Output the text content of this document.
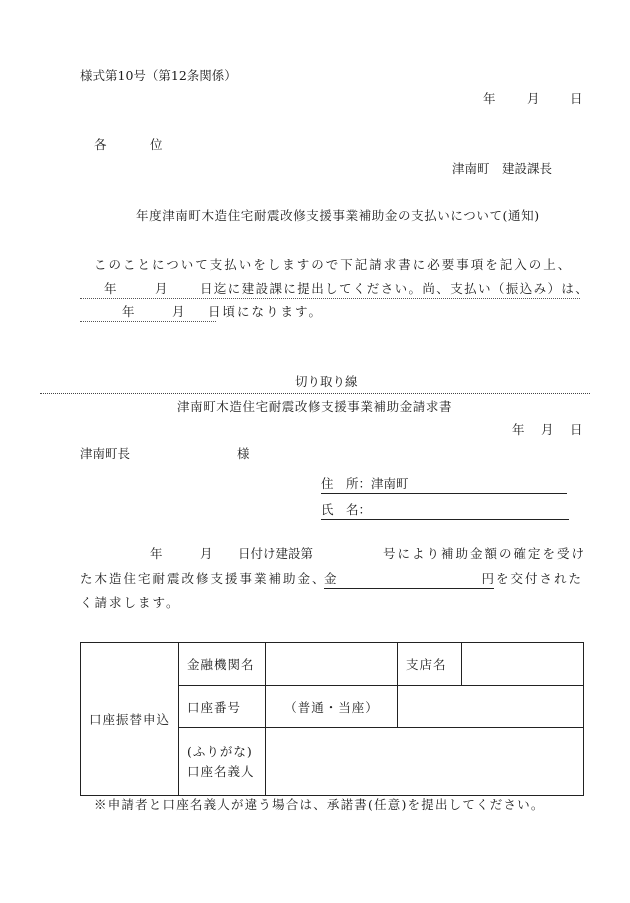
様式第10号（第12条関係）
年	月 日
各	位
津南町　建設課長
年度津南町木造住宅耐震改修支援事業補助金の支払いについて(通知)
このことについて支払いをしますので下記請求書に必要事項を記入の上、
年	月	日迄に建設課に提出してください。尚、支払い（振込み）は、
年	月 日頃になります。
切り取り線
津南町木造住宅耐震改修支援事業補助金請求書
年 月 日
津南町長	様
住　所：津南町
氏　名：
年	月 日付け建設第	号により補助金額の確定を受け
た木造住宅耐震改修支援事業補助金、
金	円 を交付された
く請求します。
口座振替申込	金融機関名		支店名	
	口座番号	（普通・当座）		

	(ふりがな)
口座名義人			

※申請者と口座名義人が違う場合は、承諾書(任意)を提出してください。
